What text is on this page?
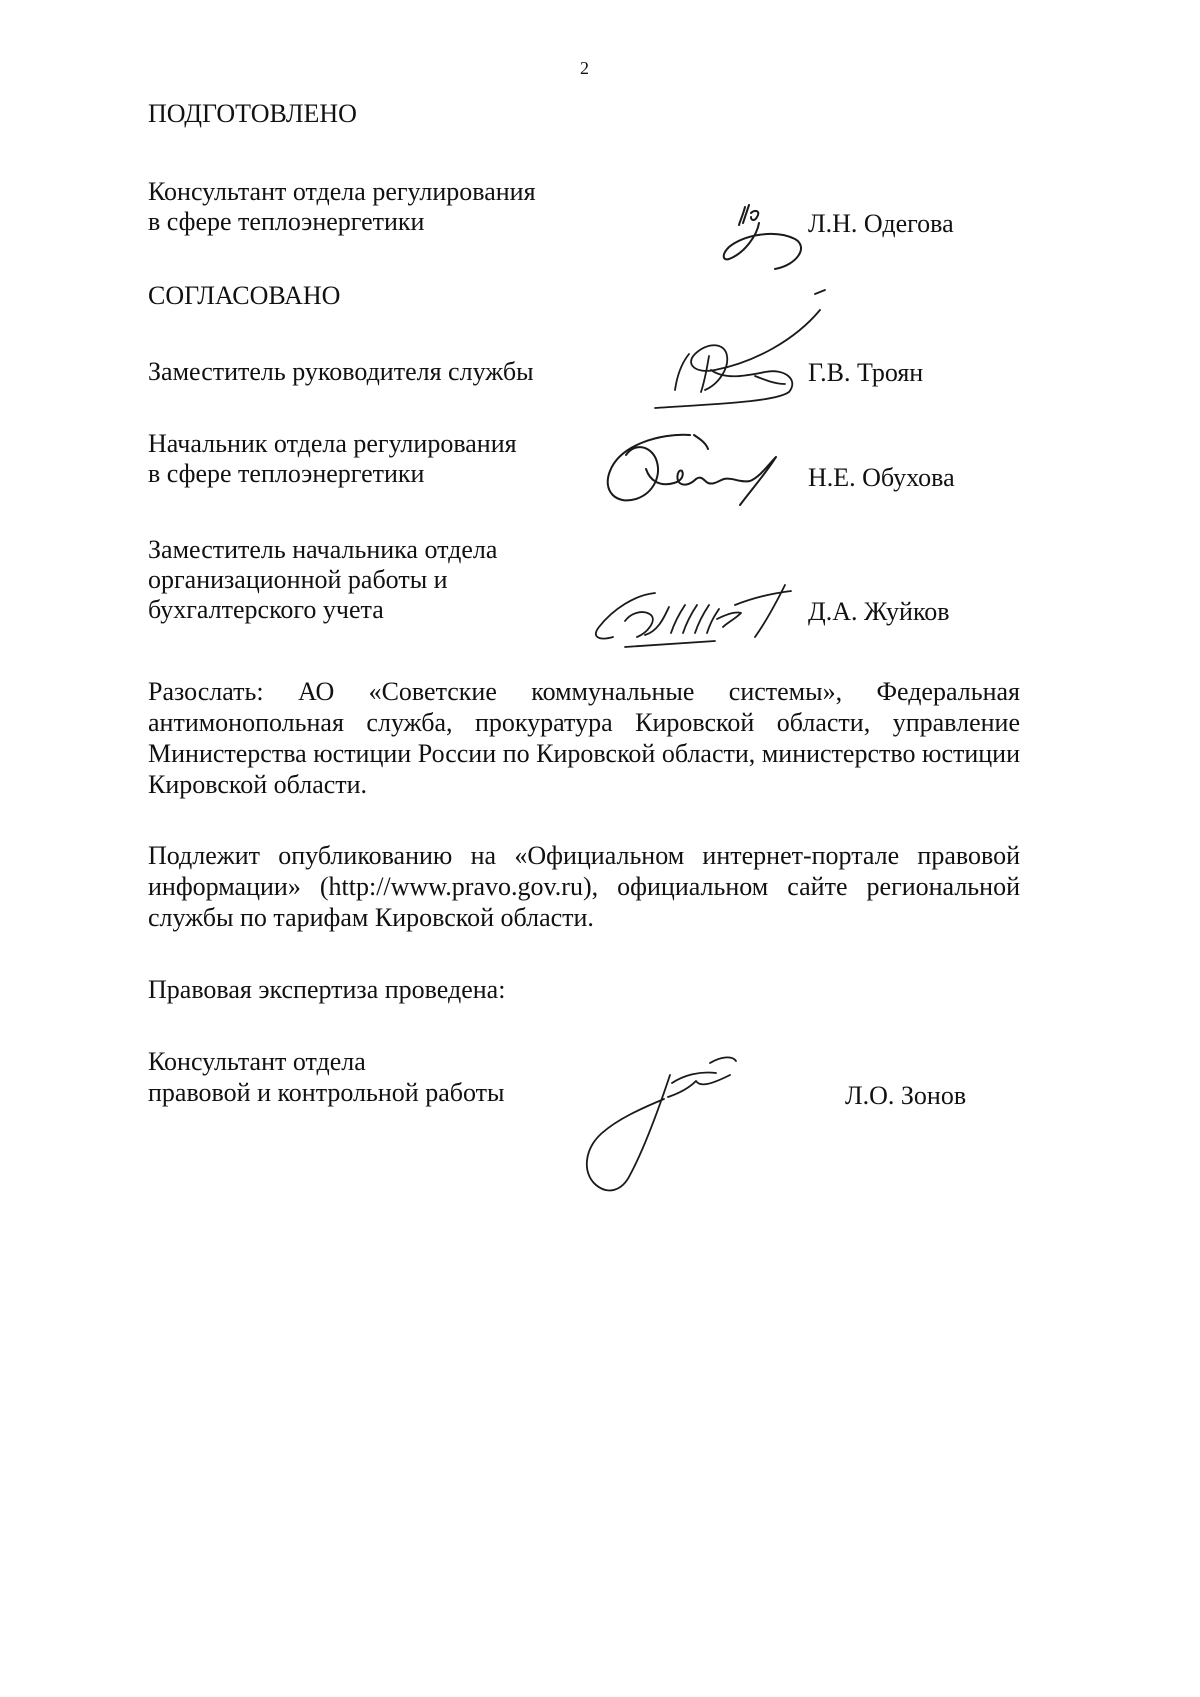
2
ПОДГОТОВЛЕНО
Консультант отдела регулирования
в сфере теплоэнергетики	Л.Н. Одегова
СОГЛАСОВАНО
Заместитель руководителя службы	Г.В. Троян
Начальник отдела регулирования
в сфере теплоэнергетики	Н.Е. Обухова
Заместитель начальника отдела
организационной работы и
бухгалтерского учета	Д.А. Жуйков
Разослать: АО «Советские коммунальные системы», Федеральная антимонопольная служба, прокуратура Кировской области, управление Министерства юстиции России по Кировской области, министерство юстиции Кировской области.
Подлежит опубликованию на «Официальном интернет-портале правовой информации» (http://www.pravo.gov.ru), официальном сайте региональной службы по тарифам Кировской области.
Правовая экспертиза проведена:
Консультант отдела
правовой и контрольной работы	Л.О. Зонов
